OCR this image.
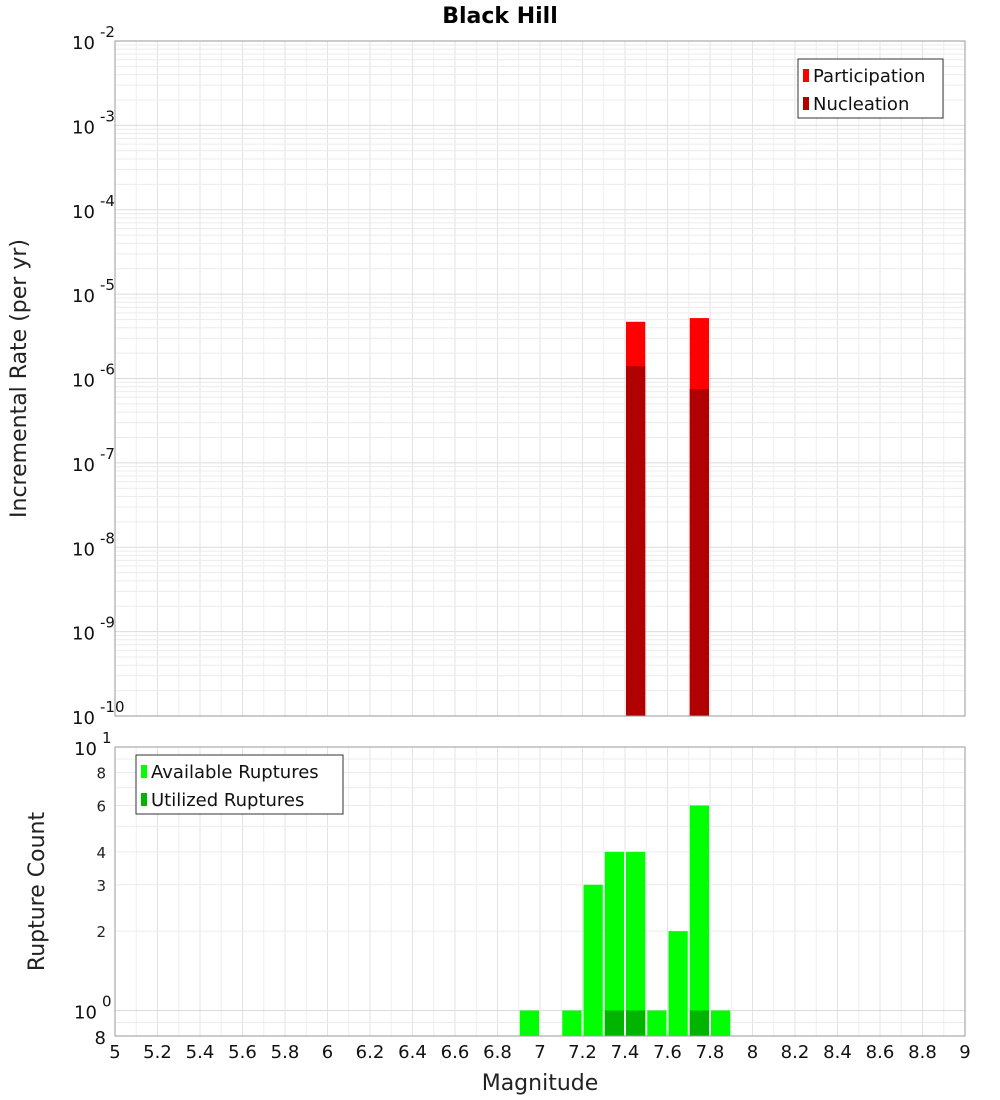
Black Hill
10
-2
10
-3
10
-4
10
-5
10
-6
10
-7
10
-8
10
-9
10
-10
Incremental Rate (per yr)
Participation
Nucleation
10
1
8
6
4
3
2
10
0
8
5 5.2 5.4 5.6 5.8 6 6.2 6.4 6.6 6.8 7 7.2 7.4 7.6 7.8 8 8.2 8.4 8.6 8.8 9
Rupture Count
Magnitude
Available Ruptures
Utilized Ruptures
